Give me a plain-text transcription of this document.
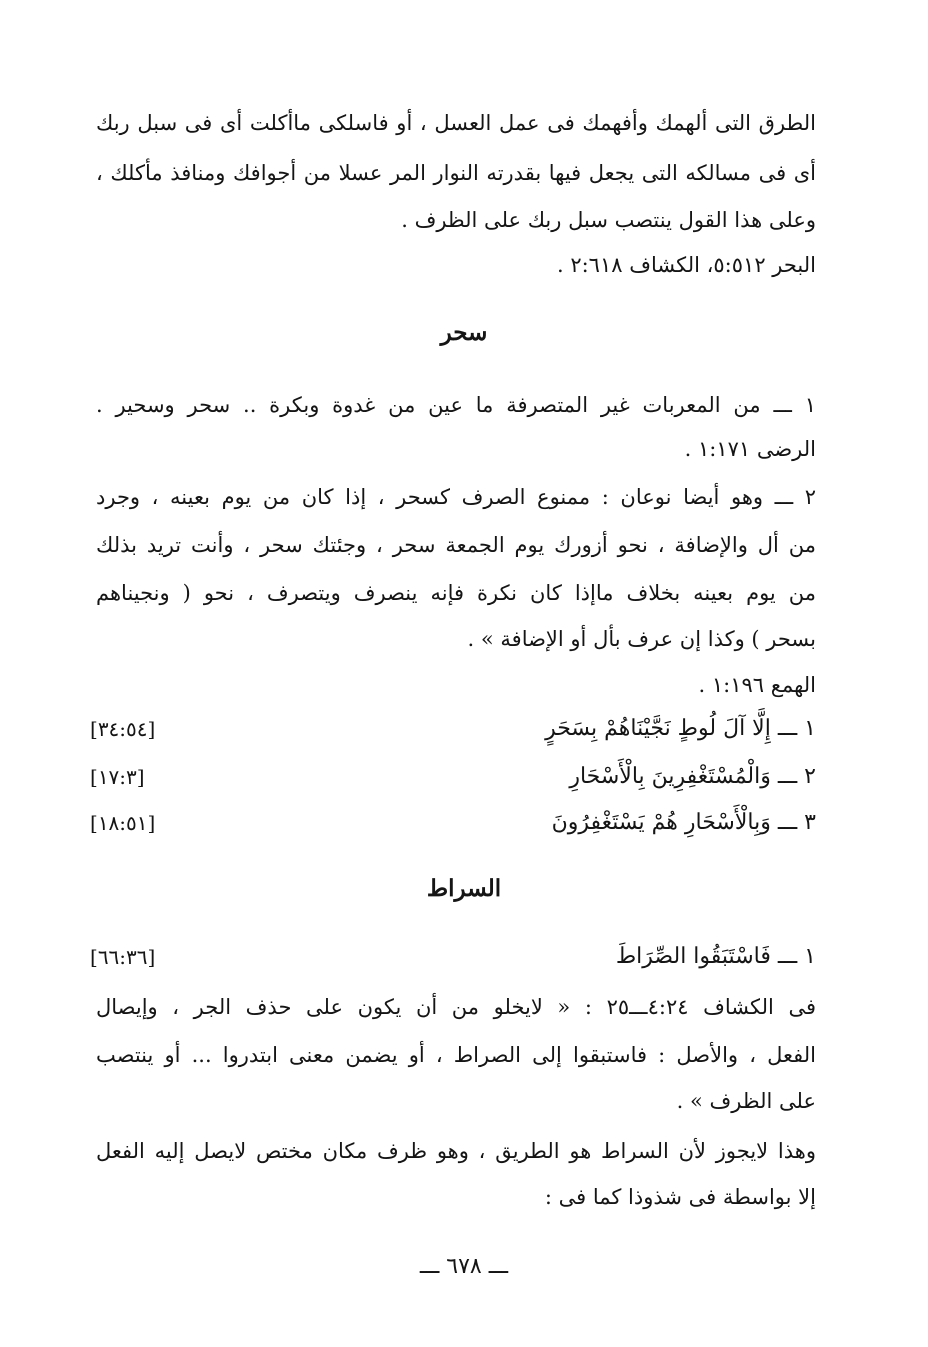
الطرق التى ألهمك وأفهمك فى عمل العسل ، أو فاسلكى ماأكلت أى فى سبل ربك
أى فى مسالكه التى يجعل فيها بقدرته النوار المر عسلا من أجوافك ومنافذ مأكلك ،
وعلى هذا القول ينتصب سبل ربك على الظرف .
البحر ٥:٥١٢، الكشاف ٢:٦١٨ .
سحر
١ ـــ من المعربات غير المتصرفة ما عين من غدوة وبكرة .. سحر وسحير .
الرضى ١:١٧١ .
٢ ـــ وهو أيضا نوعان : ممنوع الصرف كسحر ، إذا كان من يوم بعينه ، وجرد
من أل والإضافة ، نحو أزورك يوم الجمعة سحر ، وجئتك سحر ، وأنت تريد بذلك
من يوم بعينه بخلاف ماإذا كان نكرة فإنه ينصرف ويتصرف ، نحو ( ونجيناهم
بسحر ) وكذا إن عرف بأل أو الإضافة » .
الهمع ١:١٩٦ .
١ ـــ إِلَّا آلَ لُوطٍ نَجَّيْنَاهُمْ بِسَحَرٍ
[٣٤:٥٤]
٢ ـــ وَالْمُسْتَغْفِرِينَ بِالْأَسْحَارِ
[١٧:٣]
٣ ـــ وَبِالْأَسْحَارِ هُمْ يَسْتَغْفِرُونَ
[١٨:٥١]
السراط
١ ـــ فَاسْتَبَقُوا الصِّرَاطَ
[٦٦:٣٦]
فى الكشاف ٤:٢٤ـــ٢٥ : « لايخلو من أن يكون على حذف الجر ، وإيصال
الفعل ، والأصل : فاستبقوا إلى الصراط ، أو يضمن معنى ابتدروا ... أو ينتصب
على الظرف » .
وهذا لايجوز لأن السراط هو الطريق ، وهو ظرف مكان مختص لايصل إليه الفعل
إلا بواسطة فى شذوذا كما فى :
ـــ ٦٧٨ ـــ
